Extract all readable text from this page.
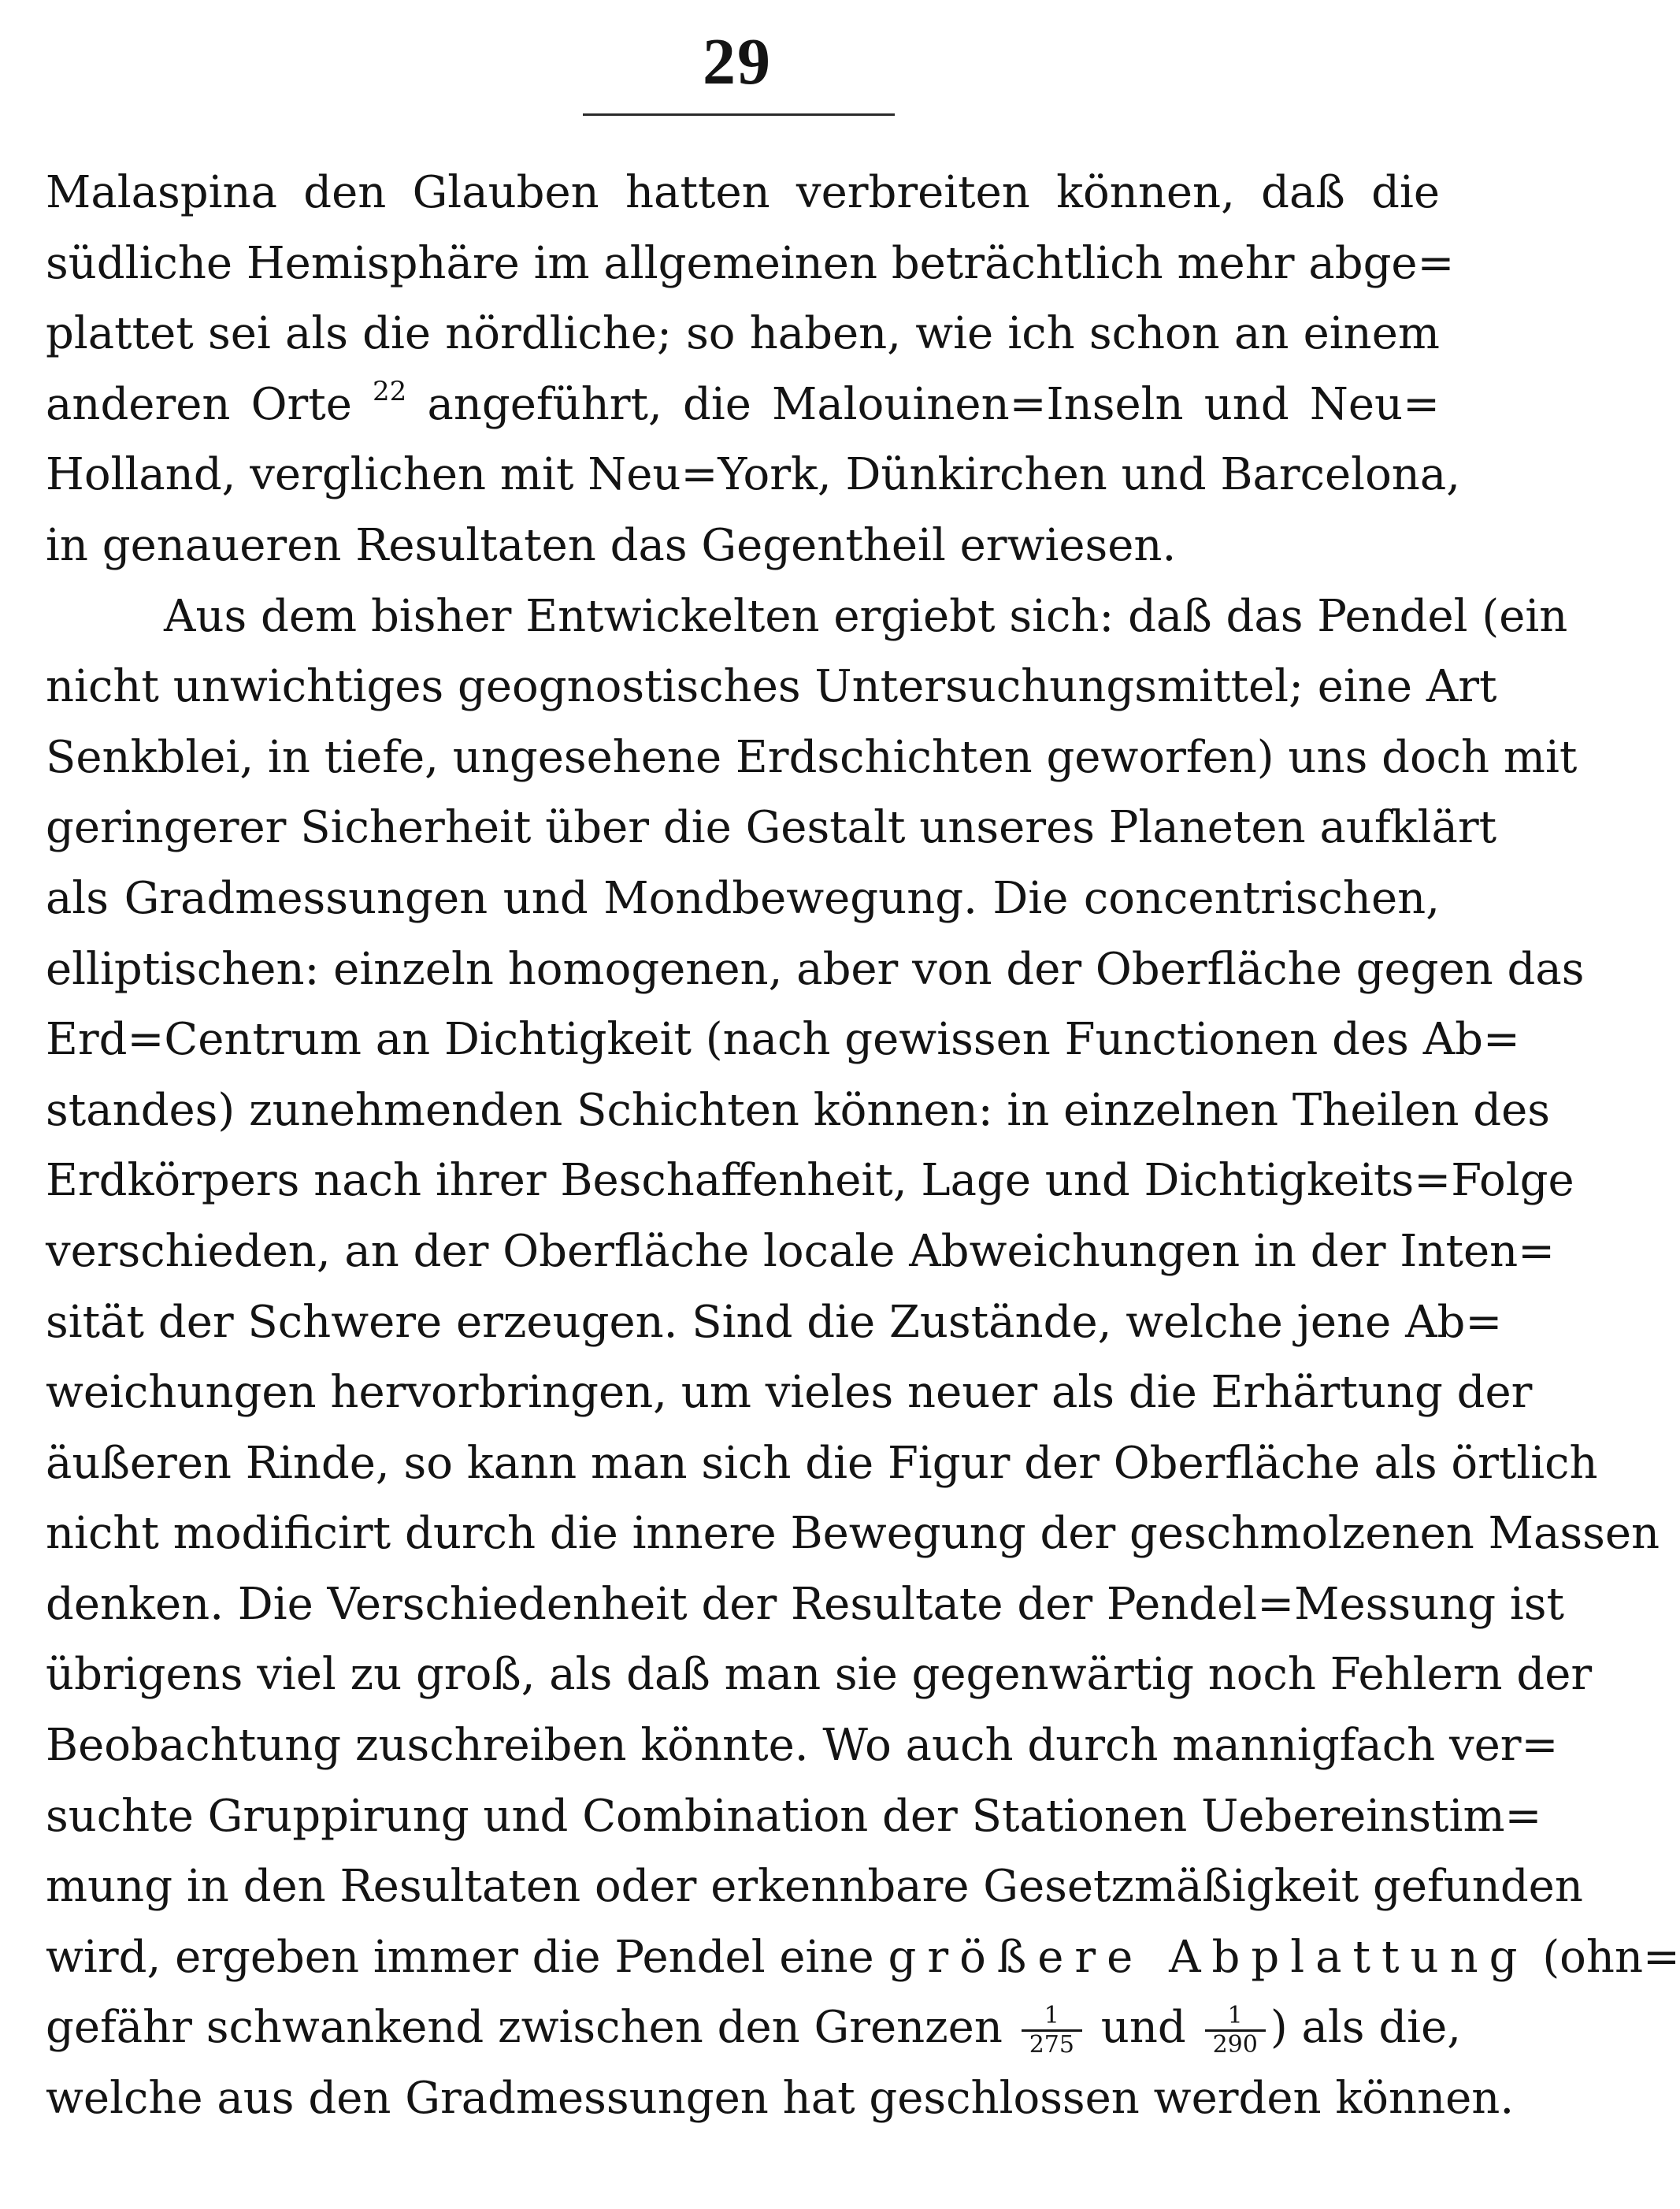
29
Malaspina den Glauben hatten verbreiten können, daß die
südliche Hemisphäre im allgemeinen beträchtlich mehr abge=
plattet sei als die nördliche; so haben, wie ich schon an einem
anderen Orte $^{22}$ angeführt, die Malouinen=Inseln und Neu=
Holland, verglichen mit Neu=York, Dünkirchen und Barcelona,
in genaueren Resultaten das Gegentheil erwiesen.
Aus dem bisher Entwickelten ergiebt sich: daß das Pendel (ein
nicht unwichtiges geognostisches Untersuchungsmittel; eine Art
Senkblei, in tiefe, ungesehene Erdschichten geworfen) uns doch mit
geringerer Sicherheit über die Gestalt unseres Planeten aufklärt
als Gradmessungen und Mondbewegung. Die concentrischen,
elliptischen: einzeln homogenen, aber von der Oberfläche gegen das
Erd=Centrum an Dichtigkeit (nach gewissen Functionen des Ab=
standes) zunehmenden Schichten können: in einzelnen Theilen des
Erdkörpers nach ihrer Beschaffenheit, Lage und Dichtigkeits=Folge
verschieden, an der Oberfläche locale Abweichungen in der Inten=
sität der Schwere erzeugen. Sind die Zustände, welche jene Ab=
weichungen hervorbringen, um vieles neuer als die Erhärtung der
äußeren Rinde, so kann man sich die Figur der Oberfläche als örtlich
nicht modificirt durch die innere Bewegung der geschmolzenen Massen
denken. Die Verschiedenheit der Resultate der Pendel=Messung ist
übrigens viel zu groß, als daß man sie gegenwärtig noch Fehlern der
Beobachtung zuschreiben könnte. Wo auch durch mannigfach ver=
suchte Gruppirung und Combination der Stationen Uebereinstim=
mung in den Resultaten oder erkennbare Gesetzmäßigkeit gefunden
wird, ergeben immer die Pendel eine größere Abplattung (ohn=
gefähr schwankend zwischen den Grenzen $\frac{1}{275}$ und $\frac{1}{290}$ ) als die,
welche aus den Gradmessungen hat geschlossen werden können.
